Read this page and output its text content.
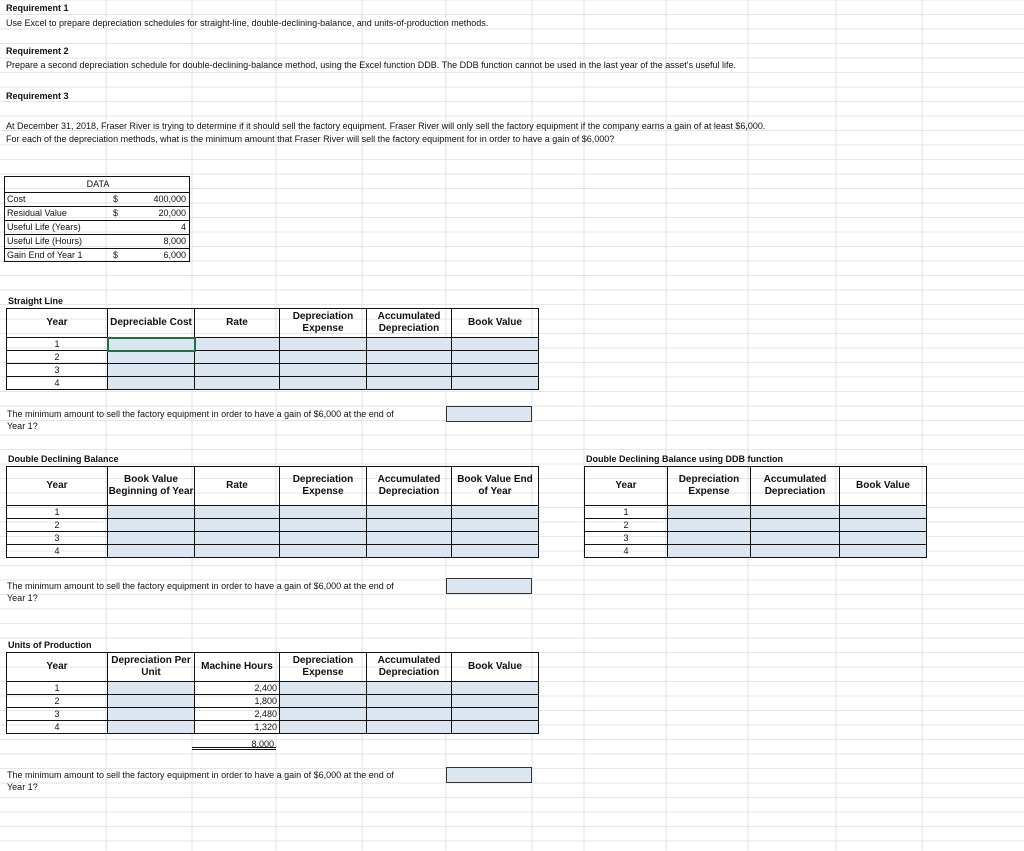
Requirement 1
Use Excel to prepare depreciation schedules for straight-line, double-declining-balance, and units-of-production methods.
Requirement 2
Prepare a second depreciation schedule for double-declining-balance method, using the Excel function DDB. The DDB function cannot be used in the last year of the asset's useful life.
Requirement 3
At December 31, 2018, Fraser River is trying to determine if it should sell the factory equipment. Fraser River will only sell the factory equipment if the company earns a gain of at least $6,000.
For each of the depreciation methods, what is the minimum amount that Fraser River will sell the factory equipment for in order to have a gain of $6,000?
DATA
Cost	$	400,000
Residual Value	$	20,000
Useful Life (Years)	4
Useful Life (Hours)	8,000
Gain End of Year 1	$	6,000
Straight Line
Year	Depreciable Cost	Rate	Depreciation Expense	Accumulated Depreciation	Book Value
1					
2					
3					
4					
The minimum amount to sell the factory equipment in order to have a gain of $6,000 at the end of
Year 1?
Double Declining Balance
Year	Book Value Beginning of Year	Rate	Depreciation Expense	Accumulated Depreciation	Book Value End of Year
1					
2					
3					
4					
The minimum amount to sell the factory equipment in order to have a gain of $6,000 at the end of
Year 1?
Double Declining Balance using DDB function
Year	Depreciation Expense	Accumulated Depreciation	Book Value
1			
2			
3			
4			
Units of Production
Year	Depreciation Per Unit	Machine Hours	Depreciation Expense	Accumulated Depreciation	Book Value
1		2,400			
2		1,800			
3		2,480			
4		1,320			
8,000
The minimum amount to sell the factory equipment in order to have a gain of $6,000 at the end of
Year 1?
